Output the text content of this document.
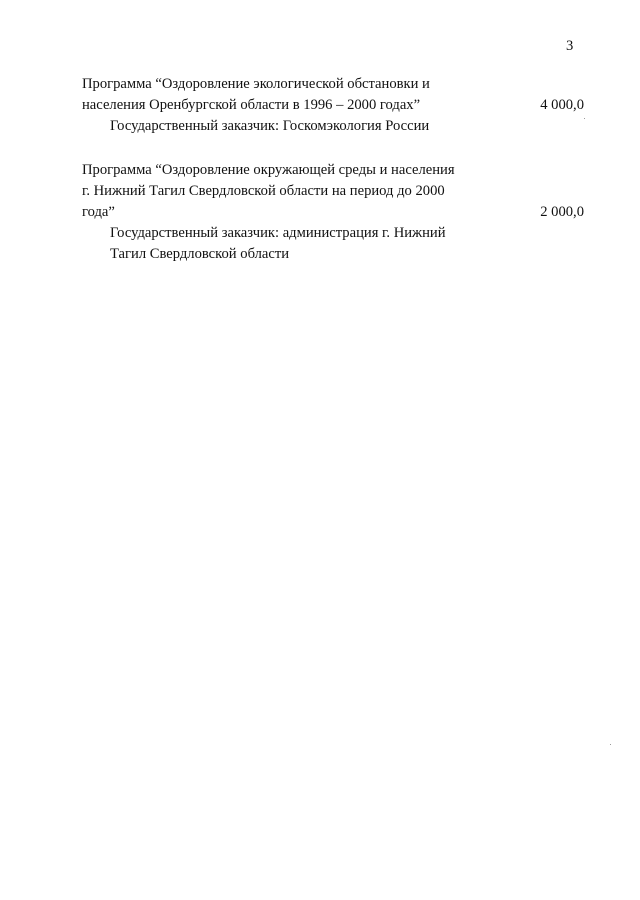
3
Программа “Оздоровление экологической обстановки и
населения Оренбургской области в 1996 – 2000 годах”
Государственный заказчик: Госкомэкология России
4 000,0
Программа “Оздоровление окружающей среды и населения
г. Нижний Тагил Свердловской области на период до 2000
года”
Государственный заказчик: администрация г. Нижний
Тагил Свердловской области
2 000,0
